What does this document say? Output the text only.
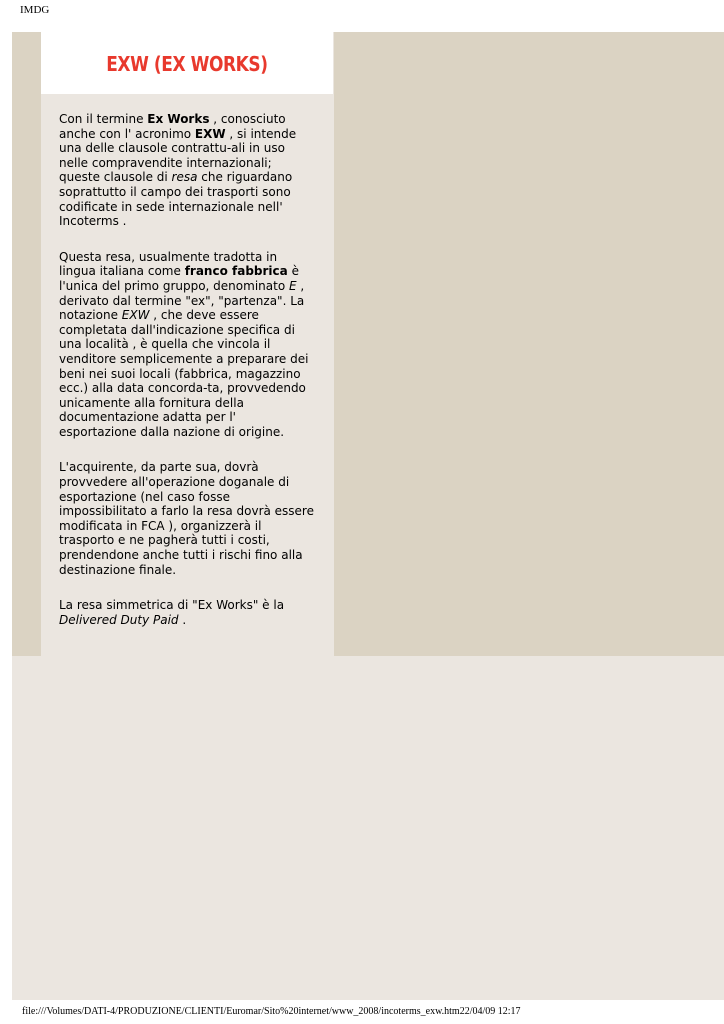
IMDG
EXW (EX WORKS)

Con il termine Ex Works , conosciuto anche con l' acronimo EXW , si intende una delle clausole contrattu-ali in uso nelle compravendite internazionali; queste clausole di resa che riguardano soprattutto il campo dei trasporti sono codificate in sede internazionale nell' Incoterms .

Questa resa, usualmente tradotta in lingua italiana come franco fabbrica è l'unica del primo gruppo, denominato E , derivato dal termine "ex", "partenza". La notazione EXW , che deve essere completata dall'indicazione specifica di una località , è quella che vincola il venditore semplicemente a preparare dei beni nei suoi locali (fabbrica, magazzino ecc.) alla data concorda-ta, provvedendo unicamente alla fornitura della documentazione adatta per l' esportazione dalla nazione di origine.

L'acquirente, da parte sua, dovrà provvedere all'operazione doganale di esportazione (nel caso fosse impossibilitato a farlo la resa dovrà essere modificata in FCA ), organizzerà il trasporto e ne pagherà tutti i costi, prendendone anche tutti i rischi fino alla destinazione finale.

La resa simmetrica di "Ex Works" è la Delivered Duty Paid .

file:///Volumes/DATI-4/PRODUZIONE/CLIENTI/Euromar/Sito%20internet/www_2008/incoterms_exw.htm22/04/09 12:17
